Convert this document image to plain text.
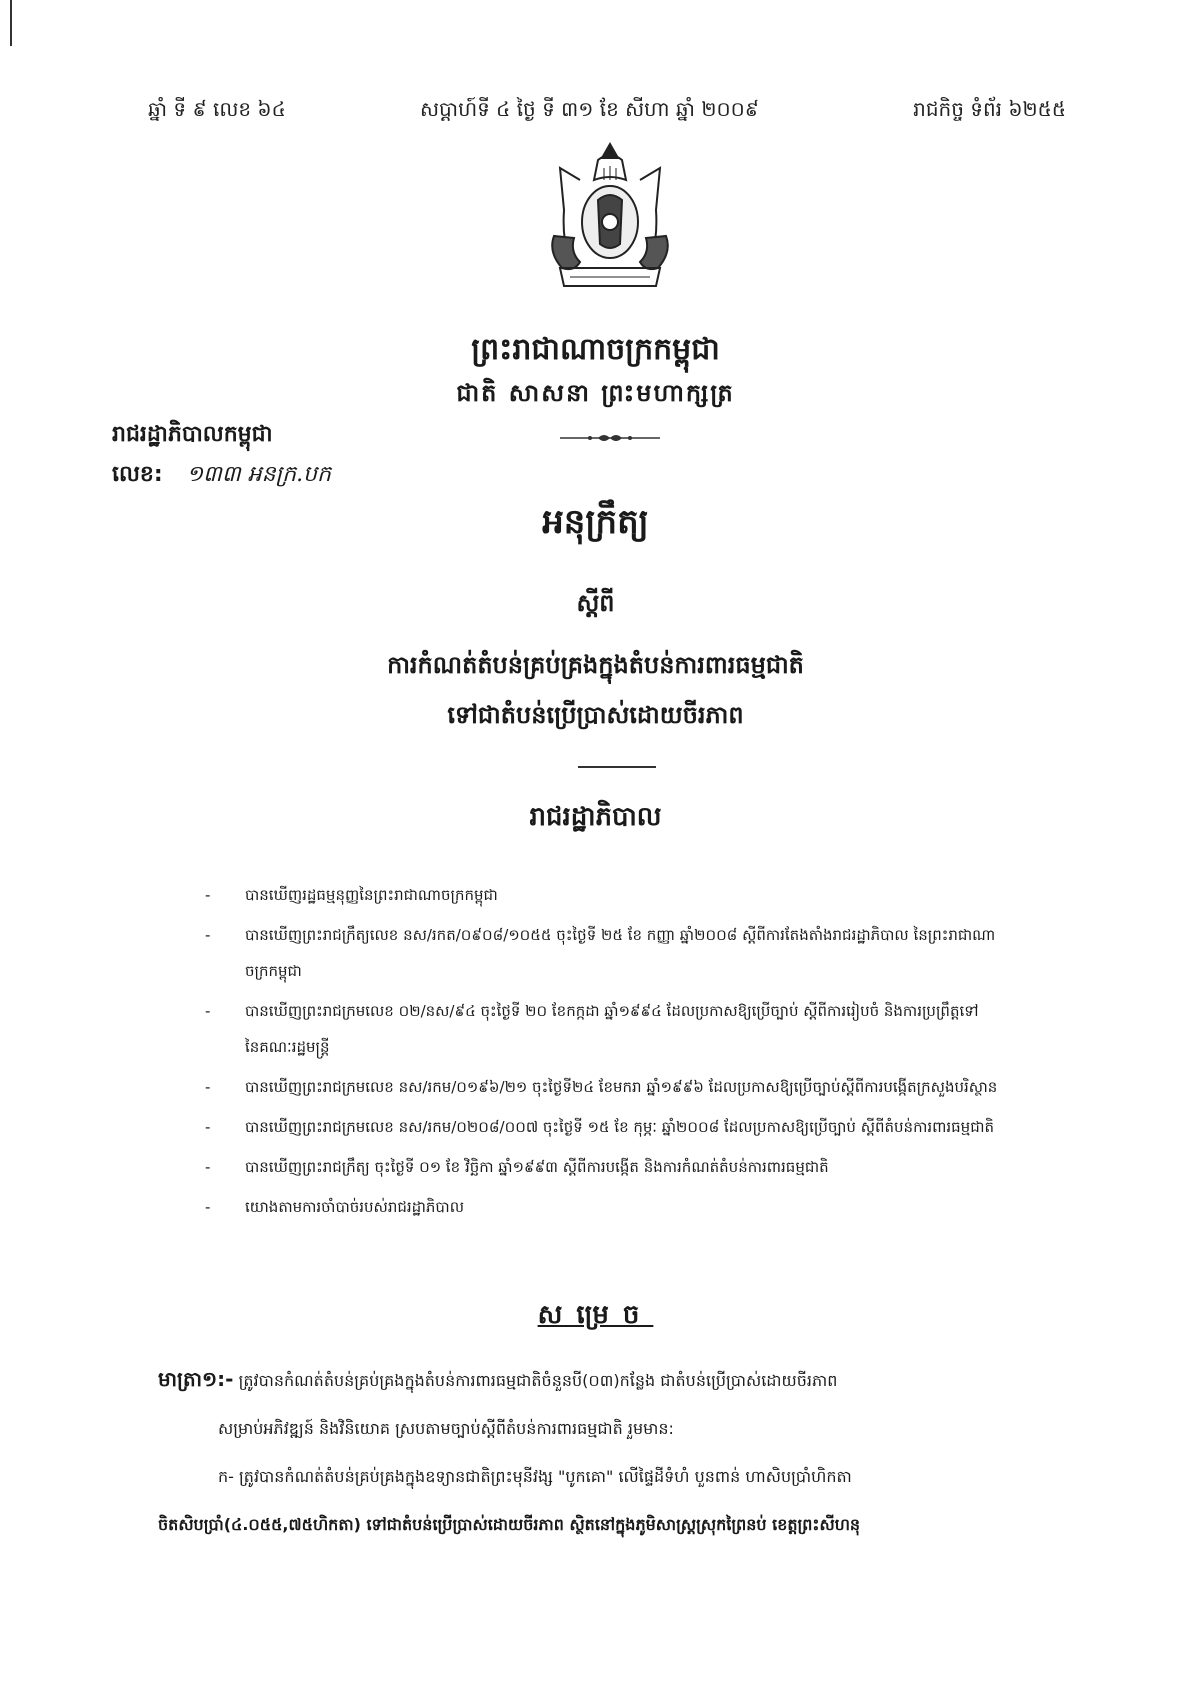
ឆ្នាំ ទី ៩ លេខ ៦៤	សប្ដាហ៍ទី ៤ ថ្ងៃ ទី ៣១ ខែ សីហា ឆ្នាំ ២០០៩	រាជកិច្ច ទំព័រ ៦២៥៥
ព្រះរាជាណាចក្រកម្ពុជា
ជាតិ សាសនា ព្រះមហាក្សត្រ
រាជរដ្ឋាភិបាលកម្ពុជា
លេខ: ១៣៣ អនក្រ.បក
អនុក្រឹត្យ
ស្ដីពី
ការកំណត់តំបន់គ្រប់គ្រងក្នុងតំបន់ការពារធម្មជាតិ
ទៅជាតំបន់ប្រើប្រាស់ដោយចីរភាព
រាជរដ្ឋាភិបាល
- បានឃើញរដ្ឋធម្មនុញ្ញនៃព្រះរាជាណាចក្រកម្ពុជា
- បានឃើញព្រះរាជក្រឹត្យលេខ នស/រកត/០៩០៨/១០៥៥ ចុះថ្ងៃទី ២៥ ខែ កញ្ញា ឆ្នាំ២០០៨ ស្ដីពីការតែងតាំងរាជរដ្ឋាភិបាល នៃព្រះរាជាណា
ចក្រកម្ពុជា
- បានឃើញព្រះរាជក្រមលេខ ០២/នស/៩៤ ចុះថ្ងៃទី ២០ ខែកក្កដា ឆ្នាំ១៩៩៤ ដែលប្រកាសឱ្យប្រើច្បាប់ ស្ដីពីការរៀបចំ និងការប្រព្រឹត្តទៅ
នៃគណៈរដ្ឋមន្ត្រី
- បានឃើញព្រះរាជក្រមលេខ នស/រកម/០១៩៦/២១ ចុះថ្ងៃទី២៤ ខែមករា ឆ្នាំ១៩៩៦ ដែលប្រកាសឱ្យប្រើច្បាប់ស្ដីពីការបង្កើតក្រសួងបរិស្ថាន
- បានឃើញព្រះរាជក្រមលេខ នស/រកម/០២០៨/០០៧ ចុះថ្ងៃទី ១៥ ខែ កុម្ភៈ ឆ្នាំ២០០៨ ដែលប្រកាសឱ្យប្រើច្បាប់ ស្ដីពីតំបន់ការពារធម្មជាតិ
- បានឃើញព្រះរាជក្រឹត្យ ចុះថ្ងៃទី ០១ ខែ វិច្ឆិកា ឆ្នាំ១៩៩៣ ស្ដីពីការបង្កើត និងការកំណត់តំបន់ការពារធម្មជាតិ
- យោងតាមការចាំបាច់របស់រាជរដ្ឋាភិបាល
សម្រេច

មាត្រា១:- ត្រូវបានកំណត់តំបន់គ្រប់គ្រងក្នុងតំបន់ការពារធម្មជាតិចំនួនបី(០៣)កន្លែង ជាតំបន់ប្រើប្រាស់ដោយចីរភាព

សម្រាប់អភិវឌ្ឍន៍ និងវិនិយោគ ស្របតាមច្បាប់ស្ដីពីតំបន់ការពារធម្មជាតិ រួមមាន:

ក- ត្រូវបានកំណត់តំបន់គ្រប់គ្រងក្នុងឧទ្យានជាតិព្រះមុនីវង្ស "បូកគោ" លើផ្ទៃដីទំហំ បួនពាន់ ហាសិបប្រាំហិកតា

ចិតសិបប្រាំ(៤.០៥៥,៧៥ហិកតា) ទៅជាតំបន់ប្រើប្រាស់ដោយចីរភាព ស្ថិតនៅក្នុងភូមិសាស្ត្រស្រុកព្រៃនប់ ខេត្តព្រះសីហនុ
